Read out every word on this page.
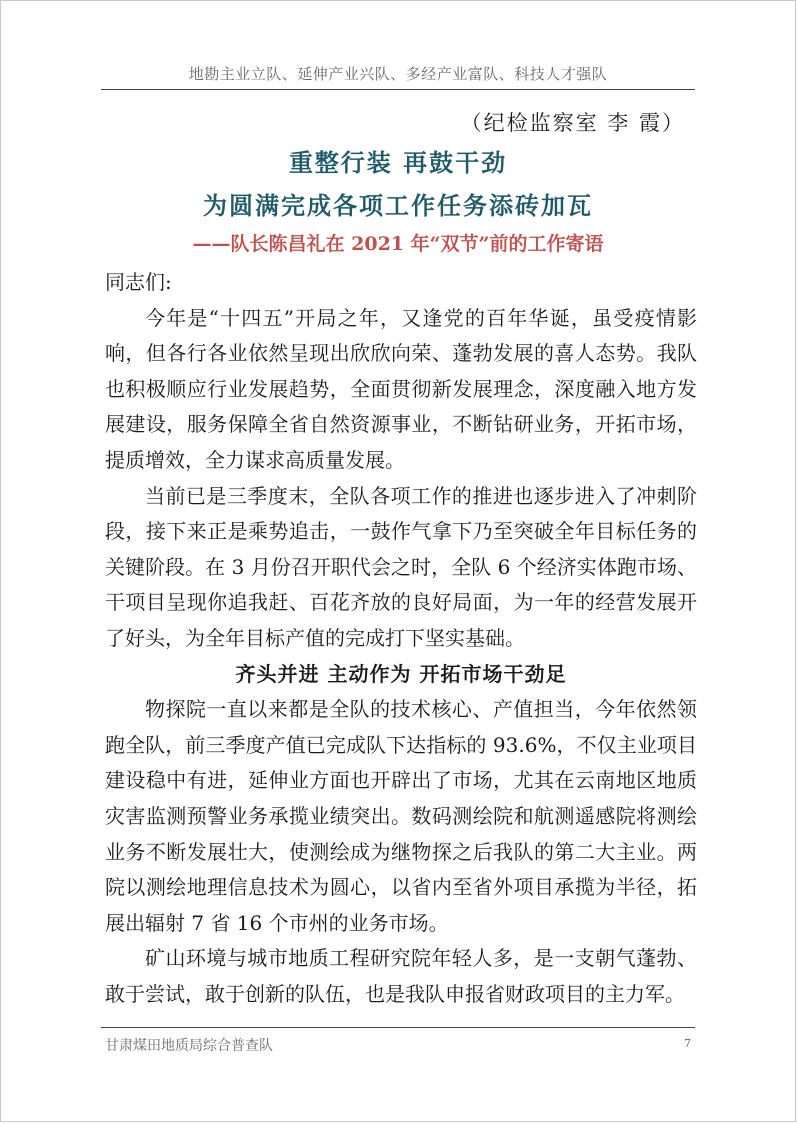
地勘主业立队、延伸产业兴队、多经产业富队、科技人才强队
（纪检监察室 李 霞）
重整行装 再鼓干劲
为圆满完成各项工作任务添砖加瓦
——队长陈昌礼在 2021 年“双节”前的工作寄语

同志们:

今年是“十四五”开局之年，又逢党的百年华诞，虽受疫情影响，但各行各业依然呈现出欣欣向荣、蓬勃发展的喜人态势。我队也积极顺应行业发展趋势，全面贯彻新发展理念，深度融入地方发展建设，服务保障全省自然资源事业，不断钻研业务，开拓市场，提质增效，全力谋求高质量发展。

当前已是三季度末，全队各项工作的推进也逐步进入了冲刺阶段，接下来正是乘势追击，一鼓作气拿下乃至突破全年目标任务的关键阶段。在 3 月份召开职代会之时，全队 6 个经济实体跑市场、干项目呈现你追我赶、百花齐放的良好局面，为一年的经营发展开了好头，为全年目标产值的完成打下坚实基础。

齐头并进 主动作为 开拓市场干劲足

物探院一直以来都是全队的技术核心、产值担当，今年依然领跑全队，前三季度产值已完成队下达指标的 93.6%，不仅主业项目建设稳中有进，延伸业方面也开辟出了市场，尤其在云南地区地质灾害监测预警业务承揽业绩突出。数码测绘院和航测遥感院将测绘业务不断发展壮大，使测绘成为继物探之后我队的第二大主业。两院以测绘地理信息技术为圆心，以省内至省外项目承揽为半径，拓展出辐射 7 省 16 个市州的业务市场。

矿山环境与城市地质工程研究院年轻人多，是一支朝气蓬勃、敢于尝试，敢于创新的队伍，也是我队申报省财政项目的主力军。

甘肃煤田地质局综合普查队	7
